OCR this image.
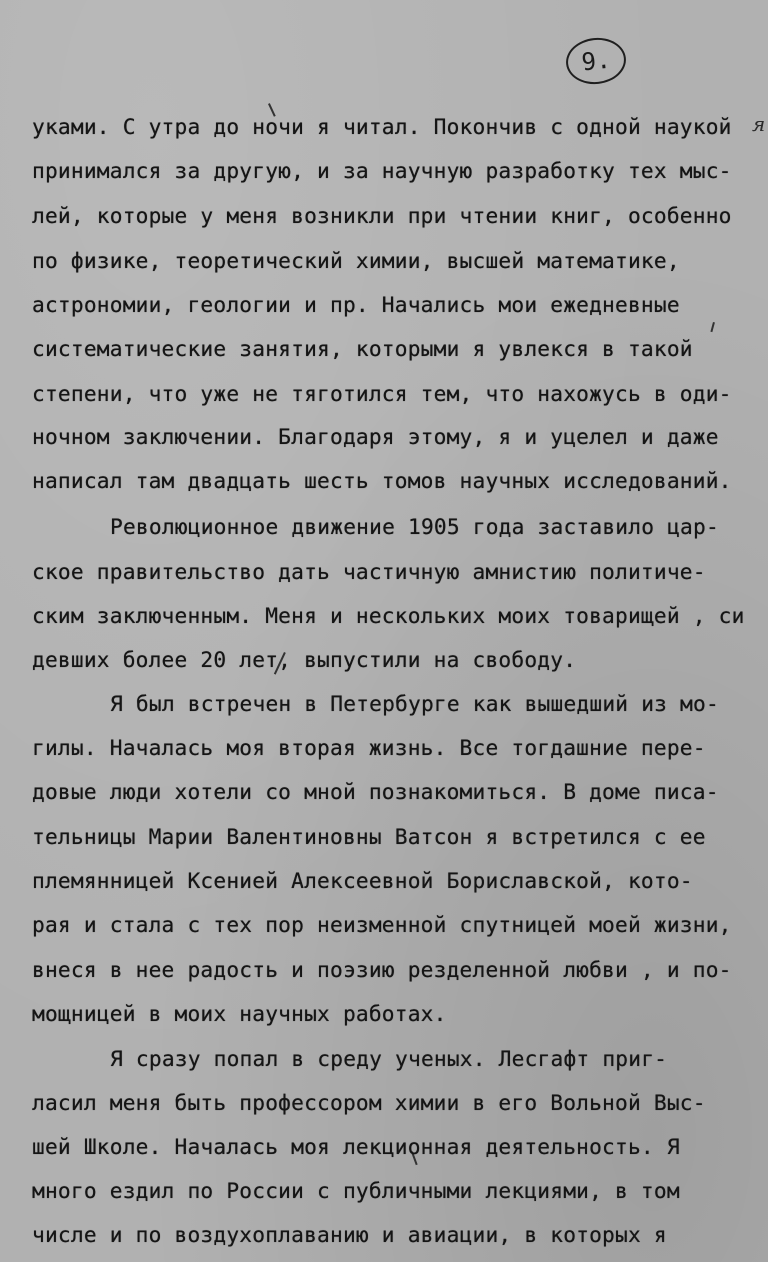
9.
я
уками. С утра до ночи я читал. Покончив с одной наукой
принимался за другую, и за научную разработку тех мыс-
лей, которые у меня возникли при чтении книг, особенно
по физике, теоретический химии, высшей математике,
астрономии, геологии и пр. Начались мои ежедневные
систематические занятия, которыми я увлекся в такой
степени, что уже не тяготился тем, что нахожусь в оди-
ночном заключении. Благодаря этому, я и уцелел и даже
написал там двадцать шесть томов научных исследований.
Революционное движение 1905 года заставило цар-
ское правительство дать частичную амнистию политиче-
ским заключенным. Меня и нескольких моих товарищей , си
девших более 20 лет, выпустили на свободу.
Я был встречен в Петербурге как вышедший из мо-
гилы. Началась моя вторая жизнь. Все тогдашние пере-
довые люди хотели со мной познакомиться. В доме писа-
тельницы Марии Валентиновны Ватсон я встретился с ее
племянницей Ксенией Алексеевной Бориславской, кото-
рая и стала с тех пор неизменной спутницей моей жизни,
внеся в нее радость и поэзию резделенной любви , и по-
мощницей в моих научных работах.
Я сразу попал в среду ученых. Лесгафт приг-
ласил меня быть профессором химии в его Вольной Выс-
шей Школе. Началась моя лекционная деятельность. Я
много ездил по России с публичными лекциями, в том
числе и по воздухоплаванию и авиации, в которых я
